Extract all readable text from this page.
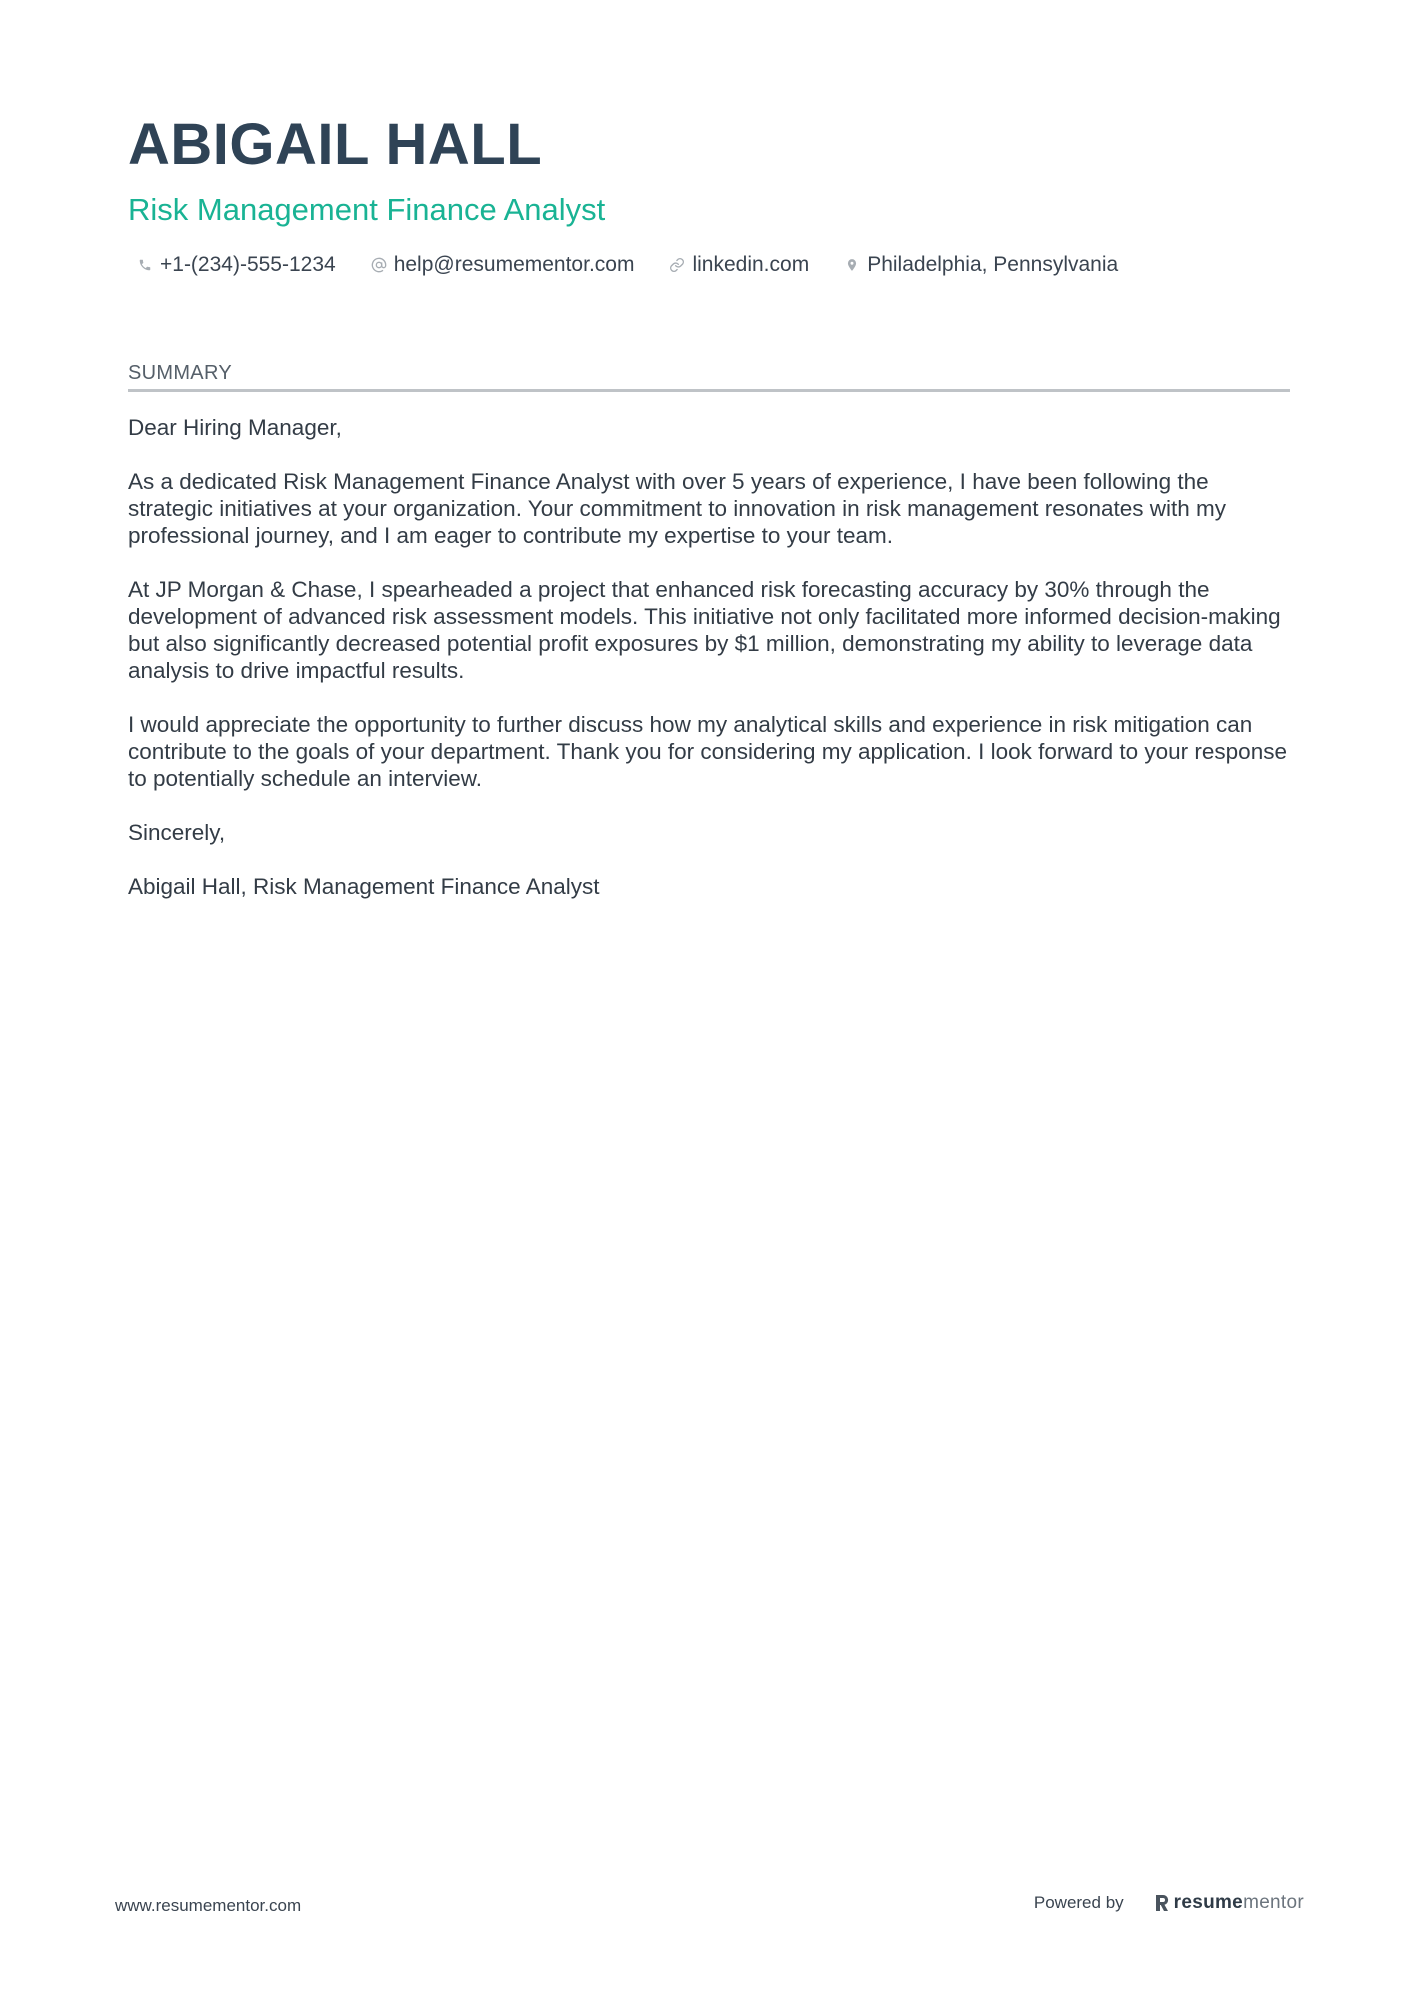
ABIGAIL HALL
Risk Management Finance Analyst
+1-(234)-555-1234	help@resumementor.com	linkedin.com	Philadelphia, Pennsylvania
SUMMARY

Dear Hiring Manager,

As a dedicated Risk Management Finance Analyst with over 5 years of experience, I have been following the strategic initiatives at your organization. Your commitment to innovation in risk management resonates with my professional journey, and I am eager to contribute my expertise to your team.

At JP Morgan & Chase, I spearheaded a project that enhanced risk forecasting accuracy by 30% through the development of advanced risk assessment models. This initiative not only facilitated more informed decision-making but also significantly decreased potential profit exposures by $1 million, demonstrating my ability to leverage data analysis to drive impactful results.

I would appreciate the opportunity to further discuss how my analytical skills and experience in risk mitigation can contribute to the goals of your department. Thank you for considering my application. I look forward to your response to potentially schedule an interview.

Sincerely,

Abigail Hall, Risk Management Finance Analyst

www.resumementor.com	Powered by	resumementor
